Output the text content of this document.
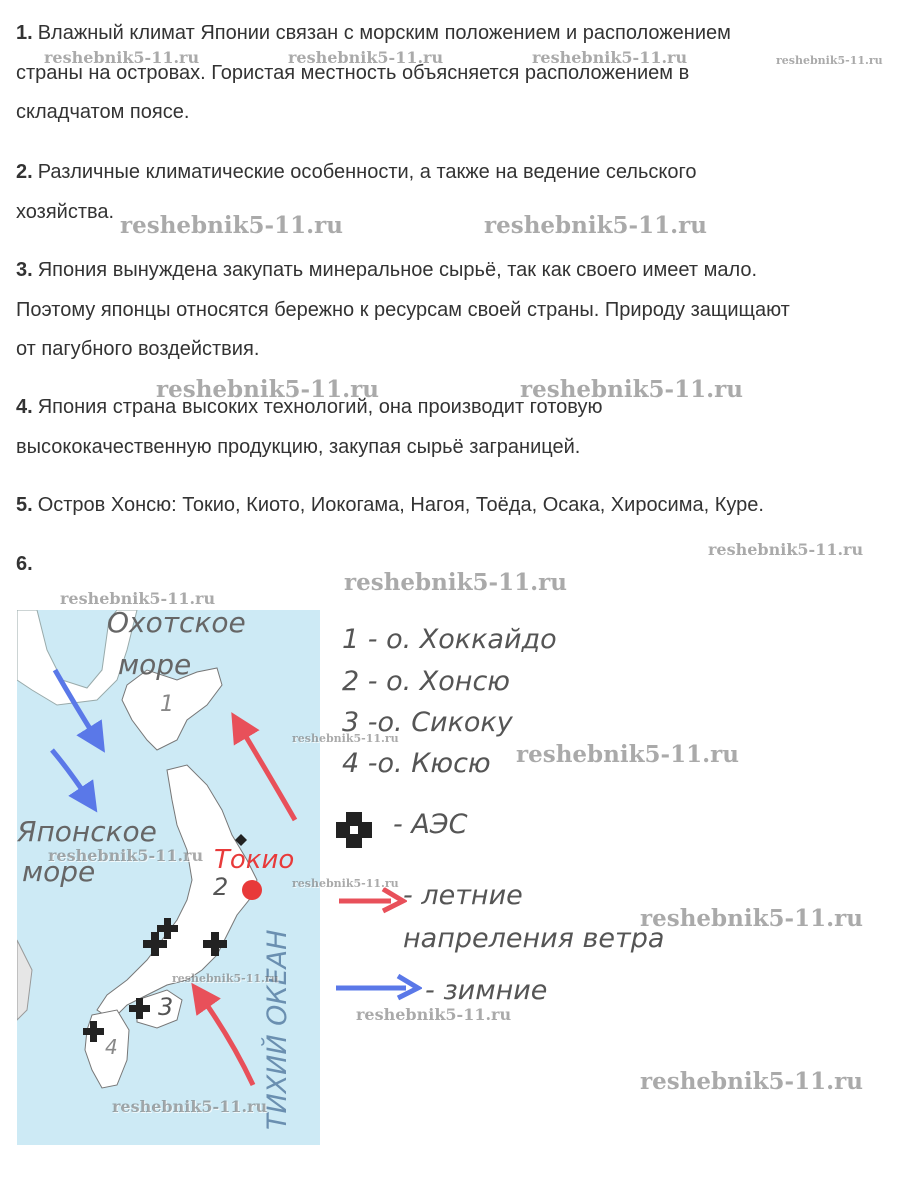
1. Влажный климат Японии связан с морским положением и расположением
страны на островах. Гористая местность объясняется расположением в
складчатом поясе.
2. Различные климатические особенности, а также на ведение сельского
хозяйства.
3. Япония вынуждена закупать минеральное сырьё, так как своего имеет мало.
Поэтому японцы относятся бережно к ресурсам своей страны. Природу защищают
от пагубного воздействия.
4. Япония страна высоких технологий, она производит готовую
высококачественную продукцию, закупая сырьё заграницей.
5. Остров Хонсю: Токио, Киото, Иокогама, Нагоя, Тоёда, Осака, Хиросима, Куре.
6.
Охотское
море
Японское
море	Токио
1
2
3
4	ТИХИЙ ОКЕАН
1 - о. Хоккайдо
2 - о. Хонсю
3 -о. Сикоку
4 -о. Кюсю
- АЭС
- летние
напреления ветра
- зимние
reshebnik5-11.ru	reshebnik5-11.ru	reshebnik5-11.ru	reshebnik5-11.ru
reshebnik5-11.ru	reshebnik5-11.ru
reshebnik5-11.ru	reshebnik5-11.ru
reshebnik5-11.ru
reshebnik5-11.ru
reshebnik5-11.ru
reshebnik5-11.ru
reshebnik5-11.ru
reshebnik5-11.ru
reshebnik5-11.ru
reshebnik5-11.ru
reshebnik5-11.ru
reshebnik5-11.ru
reshebnik5-11.ru
reshebnik5-11.ru
